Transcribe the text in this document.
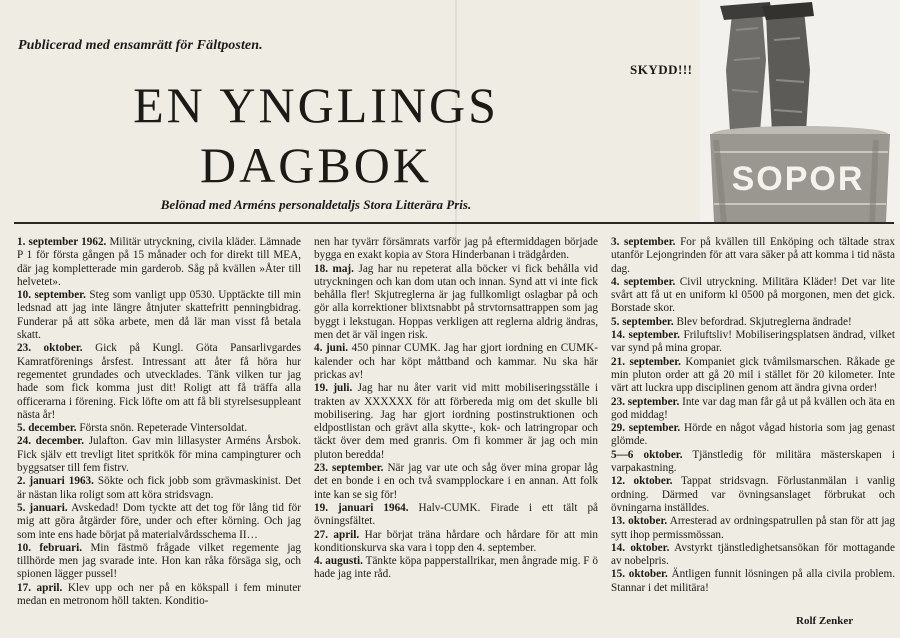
Publicerad med ensamrätt för Fältposten.
EN YNGLINGS
DAGBOK
Belönad med Arméns personaldetaljs Stora Litterära Pris.
SKYDD!!!
SOPOR

1. september 1962. Militär utryckning, civila kläder. Lämnade P 1 för första gången på 15 månader och for direkt till MEA, där jag kompletterade min garderob. Såg på kvällen »Åter till helvetet».

10. september. Steg som vanligt upp 0530. Upptäckte till min ledsnad att jag inte längre åtnjuter skattefritt penningbidrag. Funderar på att söka arbete, men då lär man visst få betala skatt.

23. oktober. Gick på Kungl. Göta Pansarlivgardes Kamratförenings årsfest. Intressant att åter få höra hur regementet grundades och utvecklades. Tänk vilken tur jag hade som fick komma just dit! Roligt att få träffa alla officerarna i förening. Fick löfte om att få bli styrelsesuppleant nästa år!

5. december. Första snön. Repeterade Vintersoldat.

24. december. Julafton. Gav min lillasyster Arméns Årsbok. Fick själv ett trevligt litet spritkök för mina campingturer och byggsatser till fem fistrv.

2. januari 1963. Sökte och fick jobb som grävmaskinist. Det är nästan lika roligt som att köra stridsvagn.

5. januari. Avskedad! Dom tyckte att det tog för lång tid för mig att göra åtgärder före, under och efter körning. Och jag som inte ens hade börjat på materialvårdsschema II…

10. februari. Min fästmö frågade vilket regemente jag tillhörde men jag svarade inte. Hon kan råka försäga sig, och spionen lägger pussel!

17. april. Klev upp och ner på en kökspall i fem minuter medan en metronom höll takten. Konditio-

nen har tyvärr försämrats varför jag på eftermiddagen började bygga en exakt kopia av Stora Hinderbanan i trädgården.

18. maj. Jag har nu repeterat alla böcker vi fick behålla vid utryckningen och kan dom utan och innan. Synd att vi inte fick behålla fler! Skjutreglerna är jag fullkomligt oslagbar på och gör alla korrektioner blixtsnabbt på strvtornsattrappen som jag byggt i lekstugan. Hoppas verkligen att reglerna aldrig ändras, men det är väl ingen risk.

4. juni. 450 pinnar CUMK. Jag har gjort iordning en CUMK-kalender och har köpt måttband och kammar. Nu ska här prickas av!

19. juli. Jag har nu åter varit vid mitt mobiliseringsställe i trakten av XXXXXX för att förbereda mig om det skulle bli mobilisering. Jag har gjort iordning postinstruktionen och eldpostlistan och grävt alla skytte-, kok- och latringropar och täckt över dem med granris. Om fi kommer är jag och min pluton beredda!

23. september. När jag var ute och såg över mina gropar låg det en bonde i en och två svampplockare i en annan. Att folk inte kan se sig för!

19. januari 1964. Halv-CUMK. Firade i ett tält på övningsfältet.

27. april. Har börjat träna hårdare och hårdare för att min konditionskurva ska vara i topp den 4. september.

4. augusti. Tänkte köpa papperstallrikar, men ångrade mig. F ö hade jag inte råd.

3. september. For på kvällen till Enköping och tältade strax utanför Lejongrinden för att vara säker på att komma i tid nästa dag.

4. september. Civil utryckning. Militära Kläder! Det var lite svårt att få ut en uniform kl 0500 på morgonen, men det gick. Borstade skor.

5. september. Blev befordrad. Skjutreglerna ändrade!

14. september. Friluftsliv! Mobiliseringsplatsen ändrad, vilket var synd på mina gropar.

21. september. Kompaniet gick tvåmilsmarschen. Råkade ge min pluton order att gå 20 mil i stället för 20 kilometer. Inte värt att luckra upp disciplinen genom att ändra givna order!

23. september. Inte var dag man får gå ut på kvällen och äta en god middag!

29. september. Hörde en något vågad historia som jag genast glömde.

5—6 oktober. Tjänstledig för militära mästerskapen i varpakastning.

12. oktober. Tappat stridsvagn. Förlustanmälan i vanlig ordning. Därmed var övningsanslaget förbrukat och övningarna inställdes.

13. oktober. Arresterad av ordningspatrullen på stan för att jag sytt ihop permissmössan.

14. oktober. Avstyrkt tjänstledighetsansökan för mottagande av nobelpris.

15. oktober. Äntligen funnit lösningen på alla civila problem. Stannar i det militära!

Rolf Zenker
